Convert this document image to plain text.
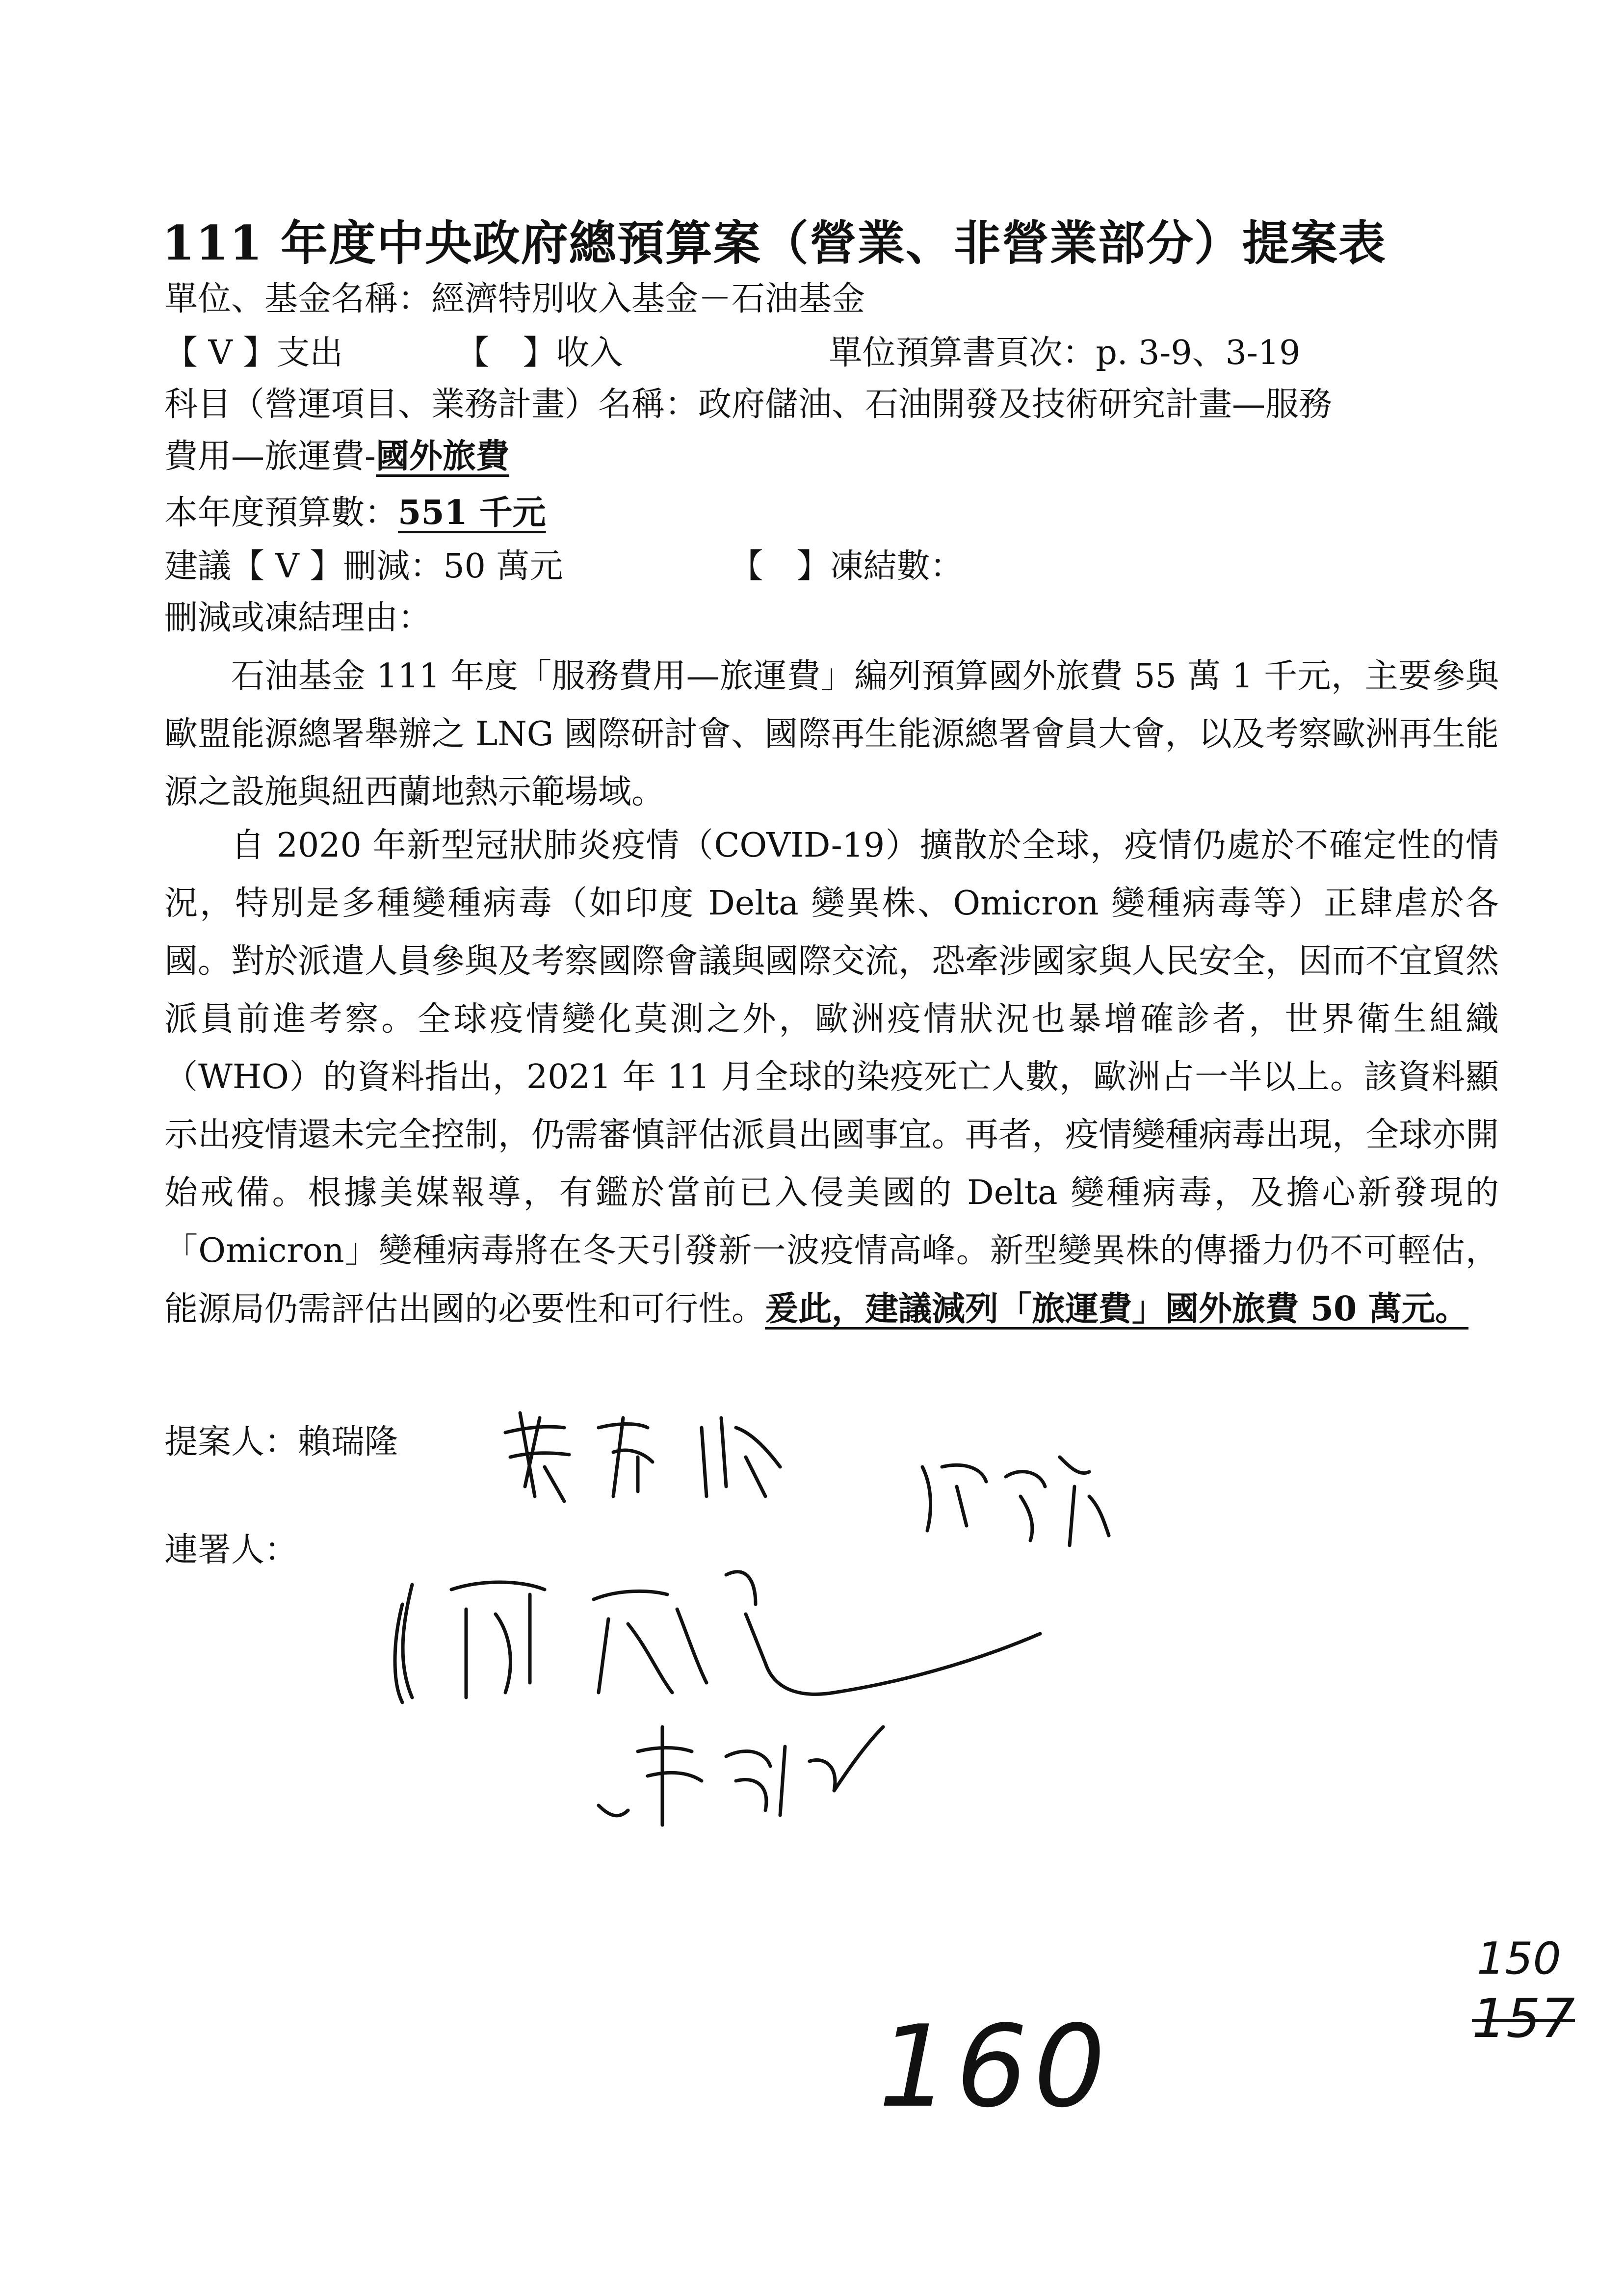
111 年度中央政府總預算案（營業、非營業部分）提案表
單位、基金名稱：經濟特別收入基金－石油基金
【 V 】支出	【　】收入	單位預算書頁次：p. 3-9、3-19
科目（營運項目、業務計畫）名稱：政府儲油、石油開發及技術研究計畫—服務
費用—旅運費-國外旅費
本年度預算數：551 千元
建議【 V 】刪減：50 萬元	【　】凍結數：
刪減或凍結理由：
石油基金 111 年度「服務費用—旅運費」編列預算國外旅費 55 萬 1 千元，主要參與歐盟能源總署舉辦之 LNG 國際研討會、國際再生能源總署會員大會，以及考察歐洲再生能源之設施與紐西蘭地熱示範場域。
自 2020 年新型冠狀肺炎疫情（COVID-19）擴散於全球，疫情仍處於不確定性的情況，特別是多種變種病毒（如印度 Delta 變異株、Omicron 變種病毒等）正肆虐於各國。對於派遣人員參與及考察國際會議與國際交流，恐牽涉國家與人民安全，因而不宜貿然派員前進考察。全球疫情變化莫測之外，歐洲疫情狀況也暴增確診者，世界衛生組織（WHO）的資料指出，2021 年 11 月全球的染疫死亡人數，歐洲占一半以上。該資料顯示出疫情還未完全控制，仍需審慎評估派員出國事宜。再者，疫情變種病毒出現，全球亦開始戒備。根據美媒報導，有鑑於當前已入侵美國的 Delta 變種病毒，及擔心新發現的「Omicron」變種病毒將在冬天引發新一波疫情高峰。新型變異株的傳播力仍不可輕估，能源局仍需評估出國的必要性和可行性。爰此，建議減列「旅運費」國外旅費 50 萬元。
提案人：賴瑞隆
連署人：
160
150
157
